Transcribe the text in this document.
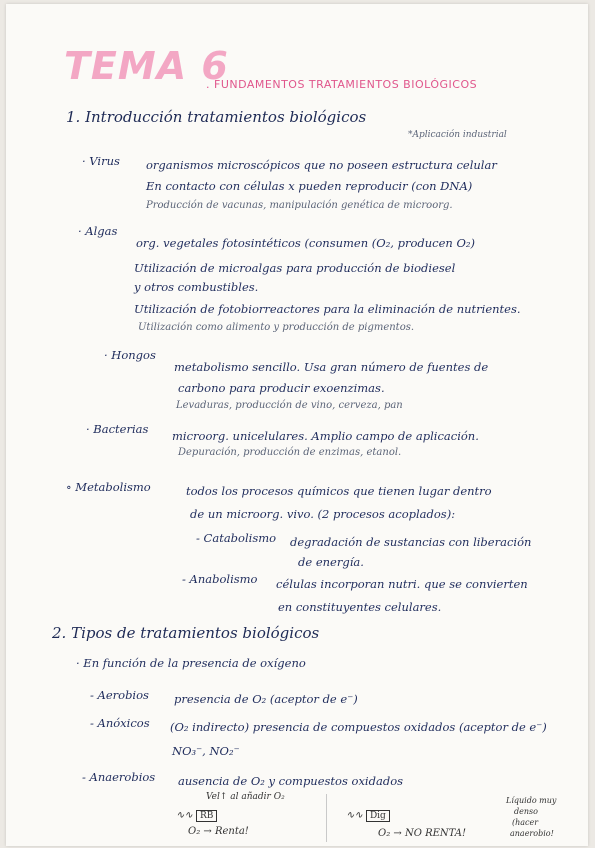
TEMA 6
. FUNDAMENTOS TRATAMIENTOS BIOLÓGICOS
1. Introducción tratamientos biológicos
*Aplicación industrial
· Virus organismos microscópicos que no poseen estructura celular
En contacto con células x pueden reproducir (con DNA)
Producción de vacunas, manipulación genética de microorg.
· Algas
org. vegetales fotosintéticos (consumen (O₂, producen O₂)
Utilización de microalgas para producción de biodiesel
y otros combustibles.
Utilización de fotobiorreactores para la eliminación de nutrientes.
Utilización como alimento y producción de pigmentos.
· Hongos
metabolismo sencillo. Usa gran número de fuentes de
carbono para producir exoenzimas.
Levaduras, producción de vino, cerveza, pan
· Bacterias microorg. unicelulares. Amplio campo de aplicación.
Depuración, producción de enzimas, etanol.
∘ Metabolismo	todos los procesos químicos que tienen lugar dentro
de un microorg. vivo. (2 procesos acoplados):
- Catabolismo degradación de sustancias con liberación
de energía.
- Anabolismo células incorporan nutri. que se convierten
en constituyentes celulares.
2. Tipos de tratamientos biológicos
· En función de la presencia de oxígeno
- Aerobios presencia de O₂ (aceptor de e⁻)
- Anóxicos (O₂ indirecto) presencia de compuestos oxidados (aceptor de e⁻)
NO₃⁻, NO₂⁻
- Anaerobios ausencia de O₂ y compuestos oxidados
Vel↑ al añadir O₂
∿∿ RB
O₂ → Renta!
∿∿ Dig
O₂ → NO RENTA!
Líquido muy
denso
(hacer
anaerobio!
